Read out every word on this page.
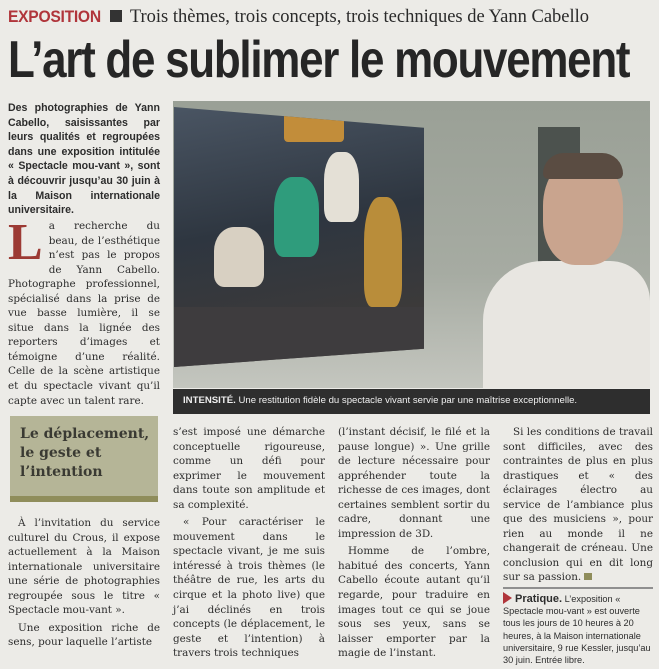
EXPOSITION Trois thèmes, trois concepts, trois techniques de Yann Cabello
L’art de sublimer le mouvement
Des photographies de Yann Cabello, saisissantes par leurs qualités et regroupées dans une exposition intitulée « Spectacle mou-vant », sont à découvrir jusqu’au 30 juin à la Maison internationale universitaire.

La recherche du beau, de l’esthétique n’est pas le propos de Yann Cabello. Photographe professionnel, spécialisé dans la prise de vue basse lumière, il se situe dans la lignée des reporters d’images et témoigne d’une réalité. Celle de la scène artistique et du spectacle vivant qu’il capte avec un talent rare.

Le déplacement, le geste et l’intention

À l’invitation du service culturel du Crous, il expose actuellement à la Maison internationale universitaire une série de photographies regroupée sous le titre « Spectacle mou-vant ».

Une exposition riche de sens, pour laquelle l’artiste

INTENSITÉ. Une restitution fidèle du spectacle vivant servie par une maîtrise exceptionnelle.

s’est imposé une démarche conceptuelle rigoureuse, comme un défi pour exprimer le mouvement dans toute son amplitude et sa complexité.

« Pour caractériser le mouvement dans le spectacle vivant, je me suis intéressé à trois thèmes (le théâtre de rue, les arts du cirque et la photo live) que j’ai déclinés en trois concepts (le déplacement, le geste et l’intention) à travers trois techniques

(l’instant décisif, le filé et la pause longue) ». Une grille de lecture nécessaire pour appréhender toute la richesse de ces images, dont certaines semblent sortir du cadre, donnant une impression de 3D.

Homme de l’ombre, habitué des concerts, Yann Cabello écoute autant qu’il regarde, pour traduire en images tout ce qui se joue sous ses yeux, sans se laisser emporter par la magie de l’instant.

Si les conditions de travail sont difficiles, avec des contraintes de plus en plus drastiques et « des éclairages électro au service de l’ambiance plus que des musiciens », pour rien au monde il ne changerait de créneau. Une conclusion qui en dit long sur sa passion.

Pratique. L’exposition « Spectacle mou-vant » est ouverte tous les jours de 10 heures à 20 heures, à la Maison internationale universitaire, 9 rue Kessler, jusqu’au 30 juin. Entrée libre.
